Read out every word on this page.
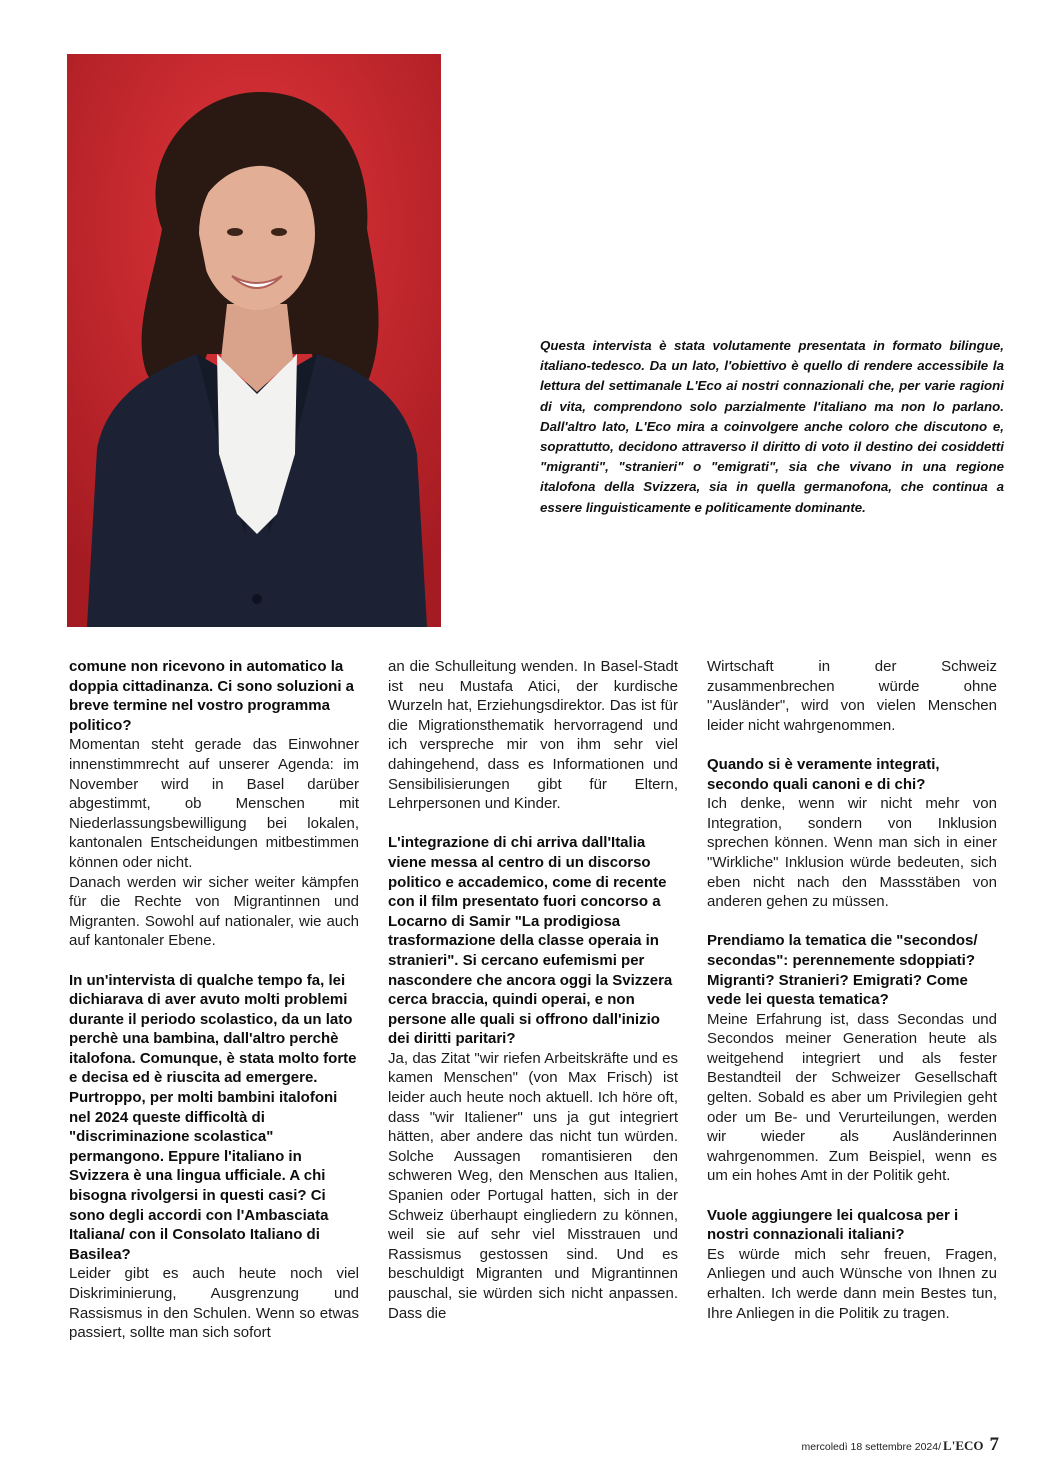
Questa intervista è stata volutamente presentata in formato bilingue, italiano-tedesco. Da un lato, l'obiettivo è quello di rendere accessibile la lettura del settimanale L'Eco ai nostri connazionali che, per varie ragioni di vita, comprendono solo parzialmente l'italiano ma non lo parlano. Dall'altro lato, L'Eco mira a coinvolgere anche coloro che discutono e, soprattutto, decidono attraverso il diritto di voto il destino dei cosiddetti "migranti", "stranieri" o "emigrati", sia che vivano in una regione italofona della Svizzera, sia in quella germanofona, che continua a essere linguisticamente e politicamente dominante.

comune non ricevono in automatico la doppia cittadinanza. Ci sono soluzioni a breve termine nel vostro programma politico?

Momentan steht gerade das Einwohner innenstimmrecht auf unserer Agenda: im November wird in Basel darüber abgestimmt, ob Menschen mit Niederlassungsbewilligung bei lokalen, kantonalen Entscheidungen mitbestimmen können oder nicht.

Danach werden wir sicher weiter kämpfen für die Rechte von Migrantinnen und Migranten. Sowohl auf nationaler, wie auch auf kantonaler Ebene.

In un'intervista di qualche tempo fa, lei dichiarava di aver avuto molti problemi durante il periodo scolastico, da un lato perchè una bambina, dall'altro perchè italofona. Comunque, è stata molto forte e decisa ed è riuscita ad emergere. Purtroppo, per molti bambini italofoni nel 2024 queste difficoltà di "discriminazione scolastica" permangono. Eppure l'italiano in Svizzera è una lingua ufficiale. A chi bisogna rivolgersi in questi casi? Ci sono degli accordi con l'Ambasciata Italiana/ con il Consolato Italiano di Basilea?

Leider gibt es auch heute noch viel Diskriminierung, Ausgrenzung und Rassismus in den Schulen. Wenn so etwas passiert, sollte man sich sofort

an die Schulleitung wenden. In Basel-Stadt ist neu Mustafa Atici, der kurdische Wurzeln hat, Erziehungsdirektor. Das ist für die Migrationsthematik hervorragend und ich verspreche mir von ihm sehr viel dahingehend, dass es Informationen und Sensibilisierungen gibt für Eltern, Lehrpersonen und Kinder.

L'integrazione di chi arriva dall'Italia viene messa al centro di un discorso politico e accademico, come di recente con il film presentato fuori concorso a Locarno di Samir "La prodigiosa trasformazione della classe operaia in stranieri". Si cercano eufemismi per nascondere che ancora oggi la Svizzera cerca braccia, quindi operai, e non persone alle quali si offrono dall'inizio dei diritti paritari?

Ja, das Zitat "wir riefen Arbeitskräfte und es kamen Menschen" (von Max Frisch) ist leider auch heute noch aktuell. Ich höre oft, dass "wir Italiener" uns ja gut integriert hätten, aber andere das nicht tun würden. Solche Aussagen romantisieren den schweren Weg, den Menschen aus Italien, Spanien oder Portugal hatten, sich in der Schweiz überhaupt eingliedern zu können, weil sie auf sehr viel Misstrauen und Rassismus gestossen sind. Und es beschuldigt Migranten und Migrantinnen pauschal, sie würden sich nicht anpassen. Dass die

Wirtschaft in der Schweiz zusammenbrechen würde ohne "Ausländer", wird von vielen Menschen leider nicht wahrgenommen.

Quando si è veramente integrati, secondo quali canoni e di chi?

Ich denke, wenn wir nicht mehr von Integration, sondern von Inklusion sprechen können. Wenn man sich in einer "Wirkliche" Inklusion würde bedeuten, sich eben nicht nach den Massstäben von anderen gehen zu müssen.

Prendiamo la tematica die "secondos/ secondas": perennemente sdoppiati? Migranti? Stranieri? Emigrati? Come vede lei questa tematica?

Meine Erfahrung ist, dass Secondas und Secondos meiner Generation heute als weitgehend integriert und als fester Bestandteil der Schweizer Gesellschaft gelten. Sobald es aber um Privilegien geht oder um Be- und Verurteilungen, werden wir wieder als Ausländerinnen wahrgenommen. Zum Beispiel, wenn es um ein hohes Amt in der Politik geht.

Vuole aggiungere lei qualcosa per i nostri connazionali italiani?

Es würde mich sehr freuen, Fragen, Anliegen und auch Wünsche von Ihnen zu erhalten. Ich werde dann mein Bestes tun, Ihre Anliegen in die Politik zu tragen.

mercoledì 18 settembre 2024/ L'ECO 7
